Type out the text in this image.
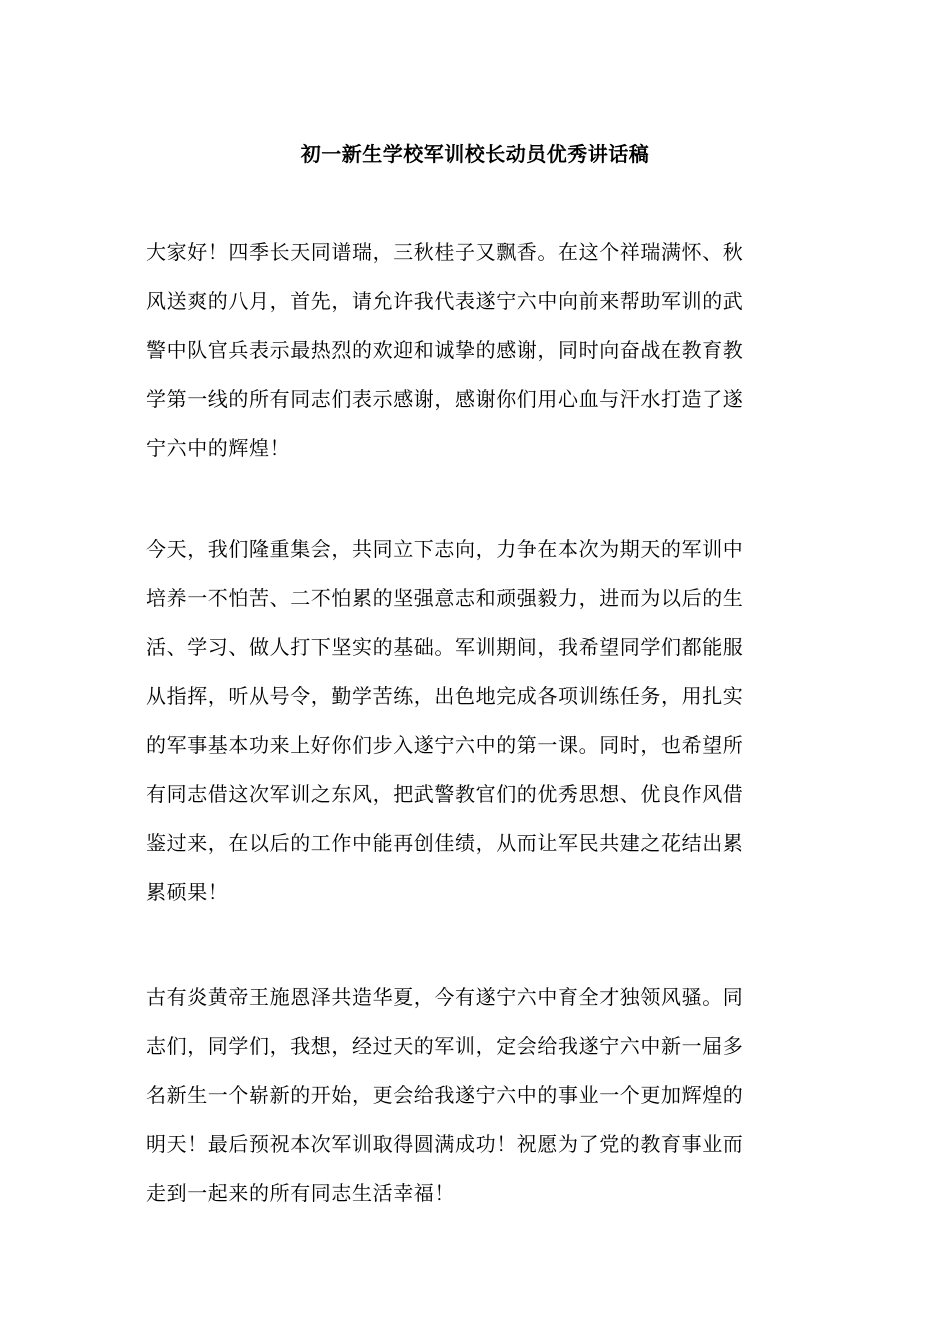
初一新生学校军训校长动员优秀讲话稿
大家好！四季长天同谱瑞，三秋桂子又飘香。在这个祥瑞满怀、秋
风送爽的八月，首先，请允许我代表遂宁六中向前来帮助军训的武
警中队官兵表示最热烈的欢迎和诚挚的感谢，同时向奋战在教育教
学第一线的所有同志们表示感谢，感谢你们用心血与汗水打造了遂
宁六中的辉煌！
今天，我们隆重集会，共同立下志向，力争在本次为期天的军训中
培养一不怕苦、二不怕累的坚强意志和顽强毅力，进而为以后的生
活、学习、做人打下坚实的基础。军训期间，我希望同学们都能服
从指挥，听从号令，勤学苦练，出色地完成各项训练任务，用扎实
的军事基本功来上好你们步入遂宁六中的第一课。同时，也希望所
有同志借这次军训之东风，把武警教官们的优秀思想、优良作风借
鉴过来，在以后的工作中能再创佳绩，从而让军民共建之花结出累
累硕果！
古有炎黄帝王施恩泽共造华夏，今有遂宁六中育全才独领风骚。同
志们，同学们，我想，经过天的军训，定会给我遂宁六中新一届多
名新生一个崭新的开始，更会给我遂宁六中的事业一个更加辉煌的
明天！最后预祝本次军训取得圆满成功！祝愿为了党的教育事业而
走到一起来的所有同志生活幸福！
